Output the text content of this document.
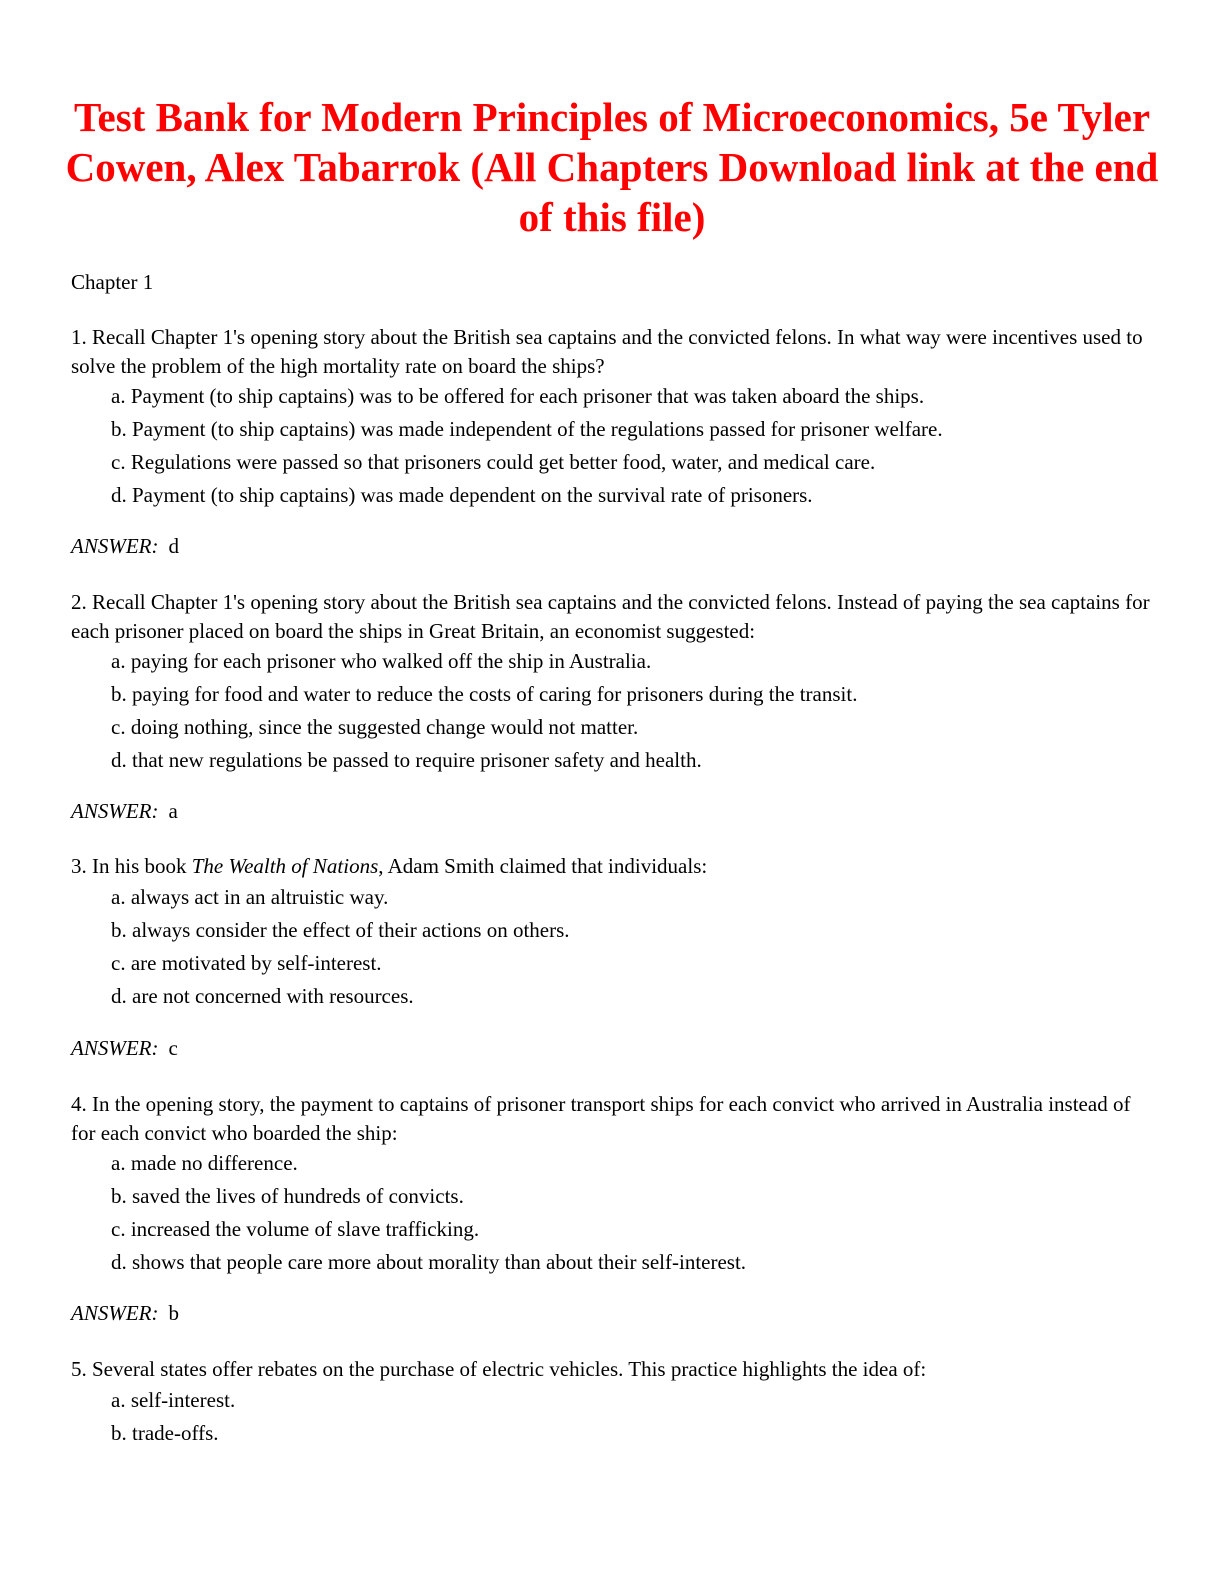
Test Bank for Modern Principles of Microeconomics, 5e Tyler Cowen, Alex Tabarrok (All Chapters Download link at the end of this file)

Chapter 1

1. Recall Chapter 1's opening story about the British sea captains and the convicted felons. In what way were incentives used to solve the problem of the high mortality rate on board the ships?

a. Payment (to ship captains) was to be offered for each prisoner that was taken aboard the ships.
b. Payment (to ship captains) was made independent of the regulations passed for prisoner welfare.
c. Regulations were passed so that prisoners could get better food, water, and medical care.
d. Payment (to ship captains) was made dependent on the survival rate of prisoners.

ANSWER: d

2. Recall Chapter 1's opening story about the British sea captains and the convicted felons. Instead of paying the sea captains for each prisoner placed on board the ships in Great Britain, an economist suggested:

a. paying for each prisoner who walked off the ship in Australia.
b. paying for food and water to reduce the costs of caring for prisoners during the transit.
c. doing nothing, since the suggested change would not matter.
d. that new regulations be passed to require prisoner safety and health.

ANSWER: a

3. In his book The Wealth of Nations, Adam Smith claimed that individuals:

a. always act in an altruistic way.
b. always consider the effect of their actions on others.
c. are motivated by self-interest.
d. are not concerned with resources.

ANSWER: c

4. In the opening story, the payment to captains of prisoner transport ships for each convict who arrived in Australia instead of for each convict who boarded the ship:

a. made no difference.
b. saved the lives of hundreds of convicts.
c. increased the volume of slave trafficking.
d. shows that people care more about morality than about their self-interest.

ANSWER: b

5. Several states offer rebates on the purchase of electric vehicles. This practice highlights the idea of:

a. self-interest.
b. trade-offs.
